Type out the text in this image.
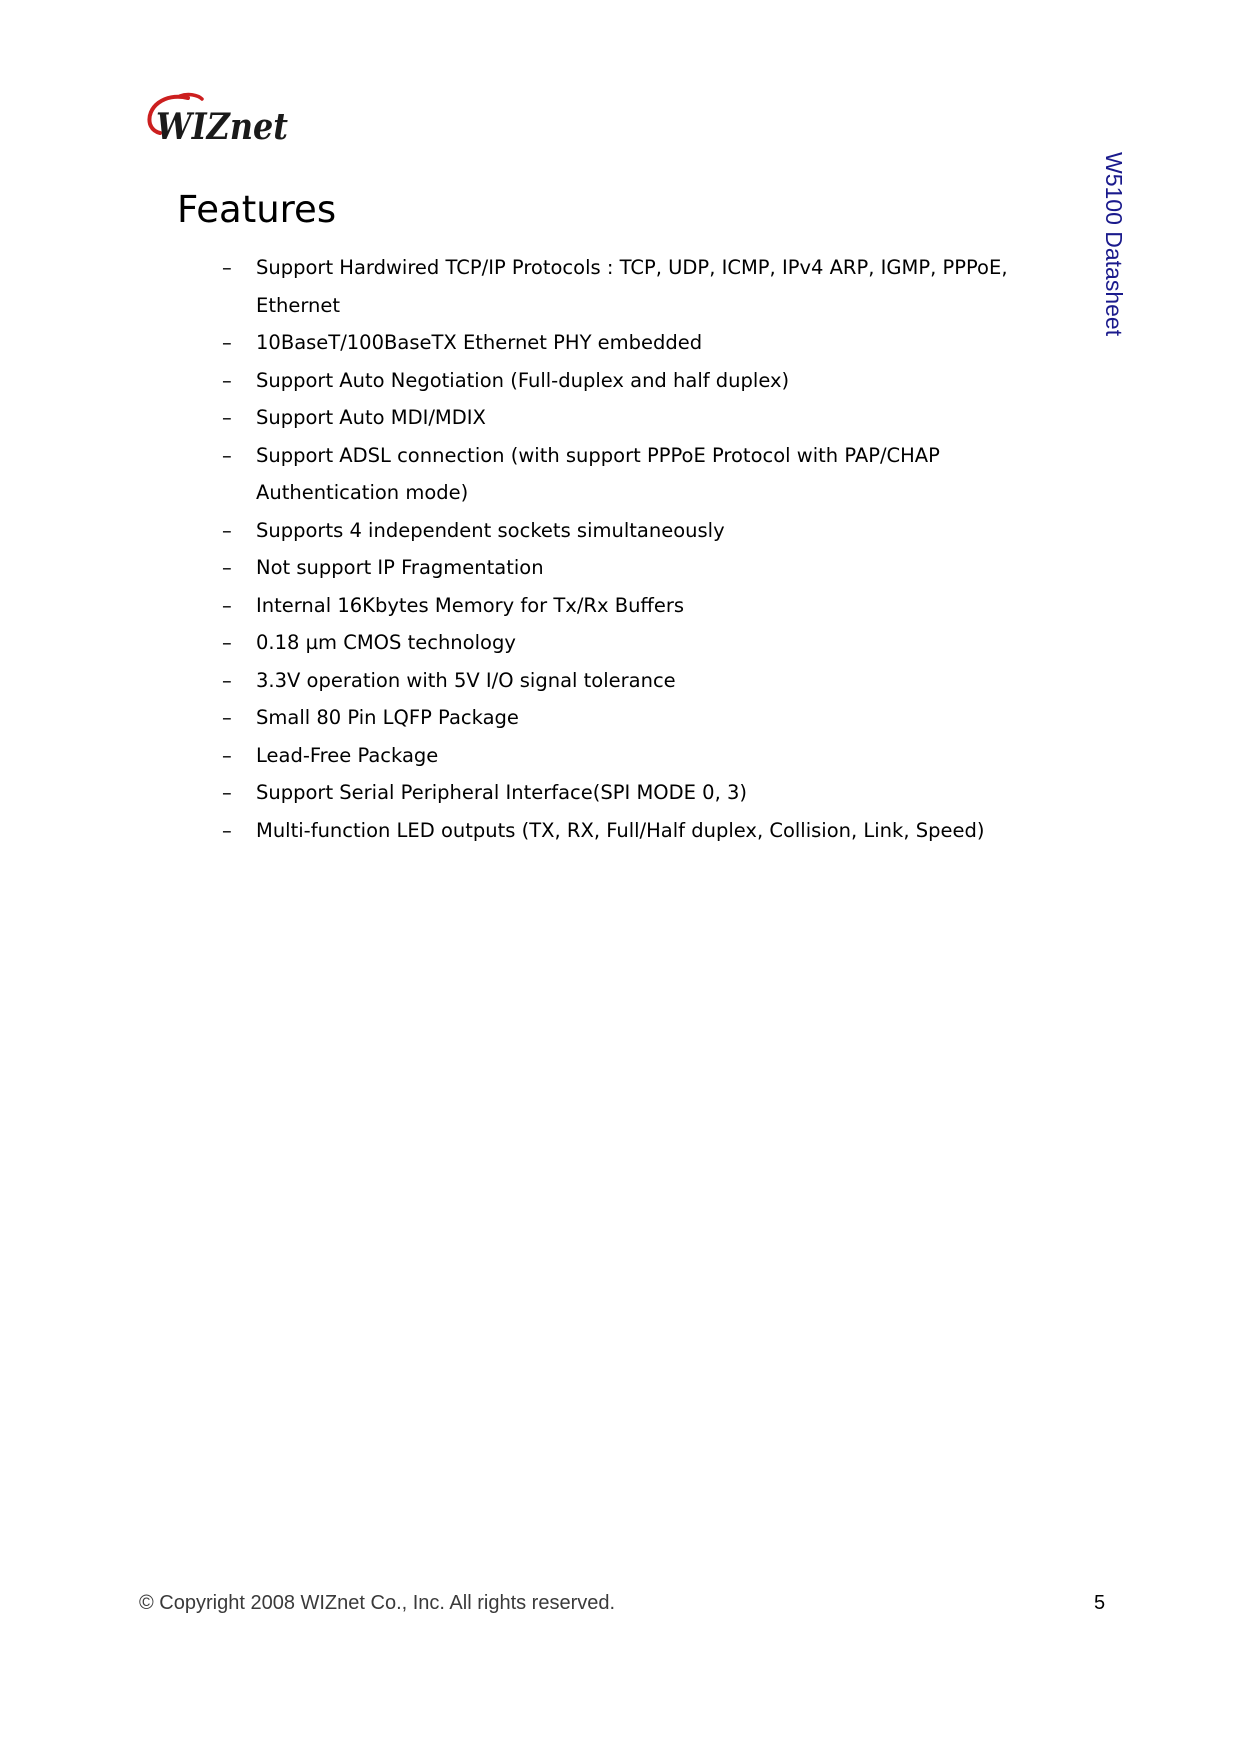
WIZnet
W5100 Datasheet
Features
– Support Hardwired TCP/IP Protocols : TCP, UDP, ICMP, IPv4 ARP, IGMP, PPPoE, Ethernet
– 10BaseT/100BaseTX Ethernet PHY embedded
– Support Auto Negotiation (Full-duplex and half duplex)
– Support Auto MDI/MDIX
– Support ADSL connection (with support PPPoE Protocol with PAP/CHAP Authentication mode)
– Supports 4 independent sockets simultaneously
– Not support IP Fragmentation
– Internal 16Kbytes Memory for Tx/Rx Buffers
– 0.18 µm CMOS technology
– 3.3V operation with 5V I/O signal tolerance
– Small 80 Pin LQFP Package
– Lead-Free Package
– Support Serial Peripheral Interface(SPI MODE 0, 3)
– Multi-function LED outputs (TX, RX, Full/Half duplex, Collision, Link, Speed)
© Copyright 2008 WIZnet Co., Inc. All rights reserved.	5
